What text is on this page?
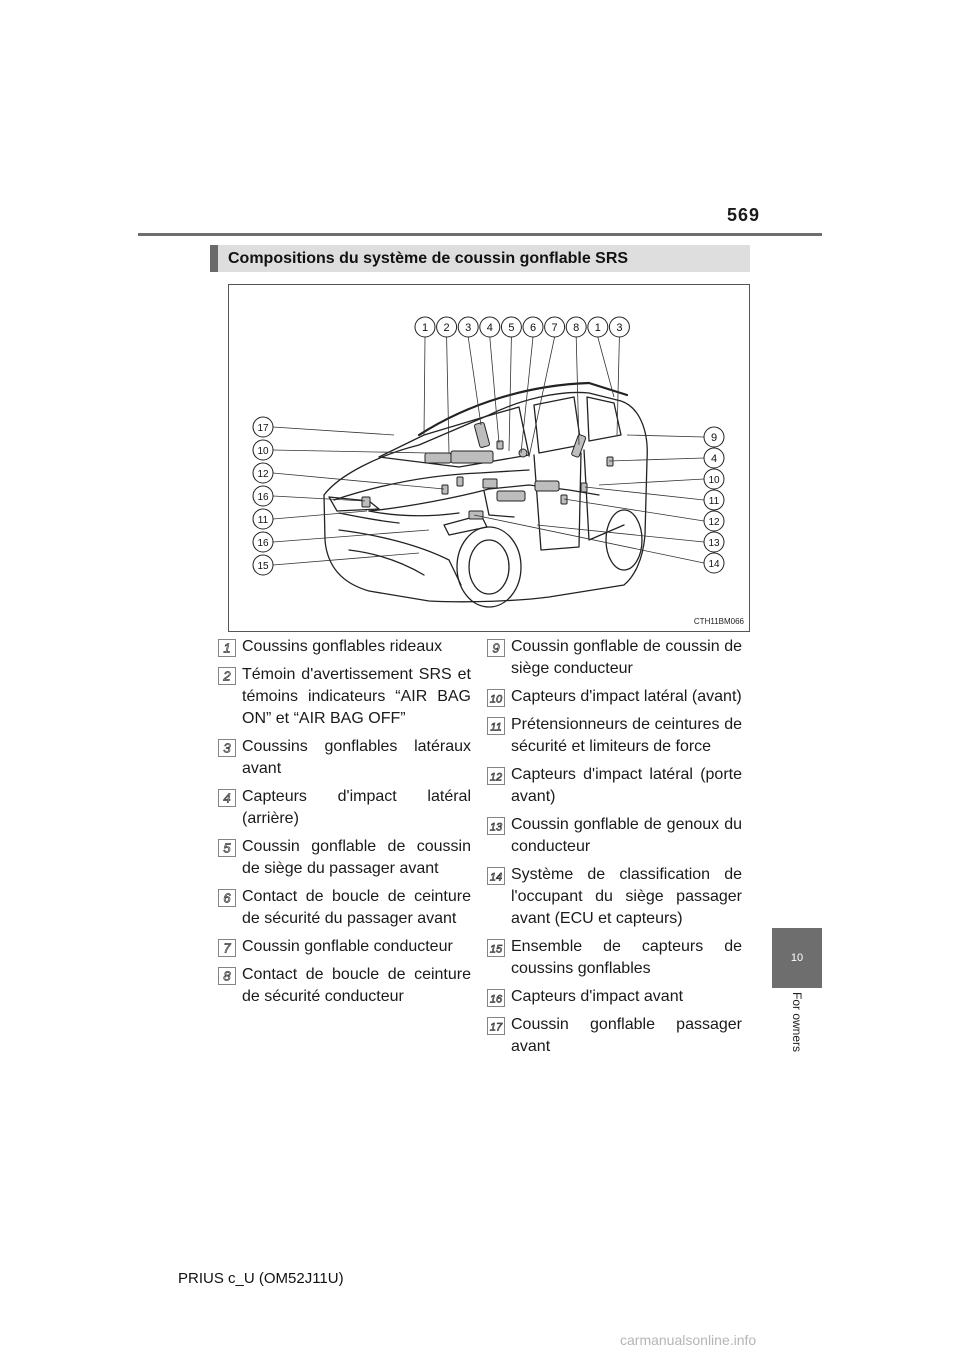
569
Compositions du système de coussin gonflable SRS
1 2 3 4 5 6 7 8 1 3
17
10
12
16
11
16
15
9
4
10
11
12
13
14
CTH11BM066
1 Coussins gonflables rideaux
2 Témoin d'avertissement SRS et témoins indicateurs “AIR BAG ON” et “AIR BAG OFF”
3 Coussins gonflables latéraux avant
4 Capteurs d'impact latéral (arrière)
5 Coussin gonflable de coussin de siège du passager avant
6 Contact de boucle de ceinture de sécurité du passager avant
7 Coussin gonflable conducteur
8 Contact de boucle de ceinture de sécurité conducteur
9 Coussin gonflable de coussin de siège conducteur
10 Capteurs d'impact latéral (avant)
11 Prétensionneurs de ceintures de sécurité et limiteurs de force
12 Capteurs d'impact latéral (porte avant)
13 Coussin gonflable de genoux du conducteur
14 Système de classification de l'occupant du siège passager avant (ECU et capteurs)
15 Ensemble de capteurs de coussins gonflables
16 Capteurs d'impact avant
17 Coussin gonflable passager avant
PRIUS c_U (OM52J11U)
10
For owners
carmanualsonline.info
